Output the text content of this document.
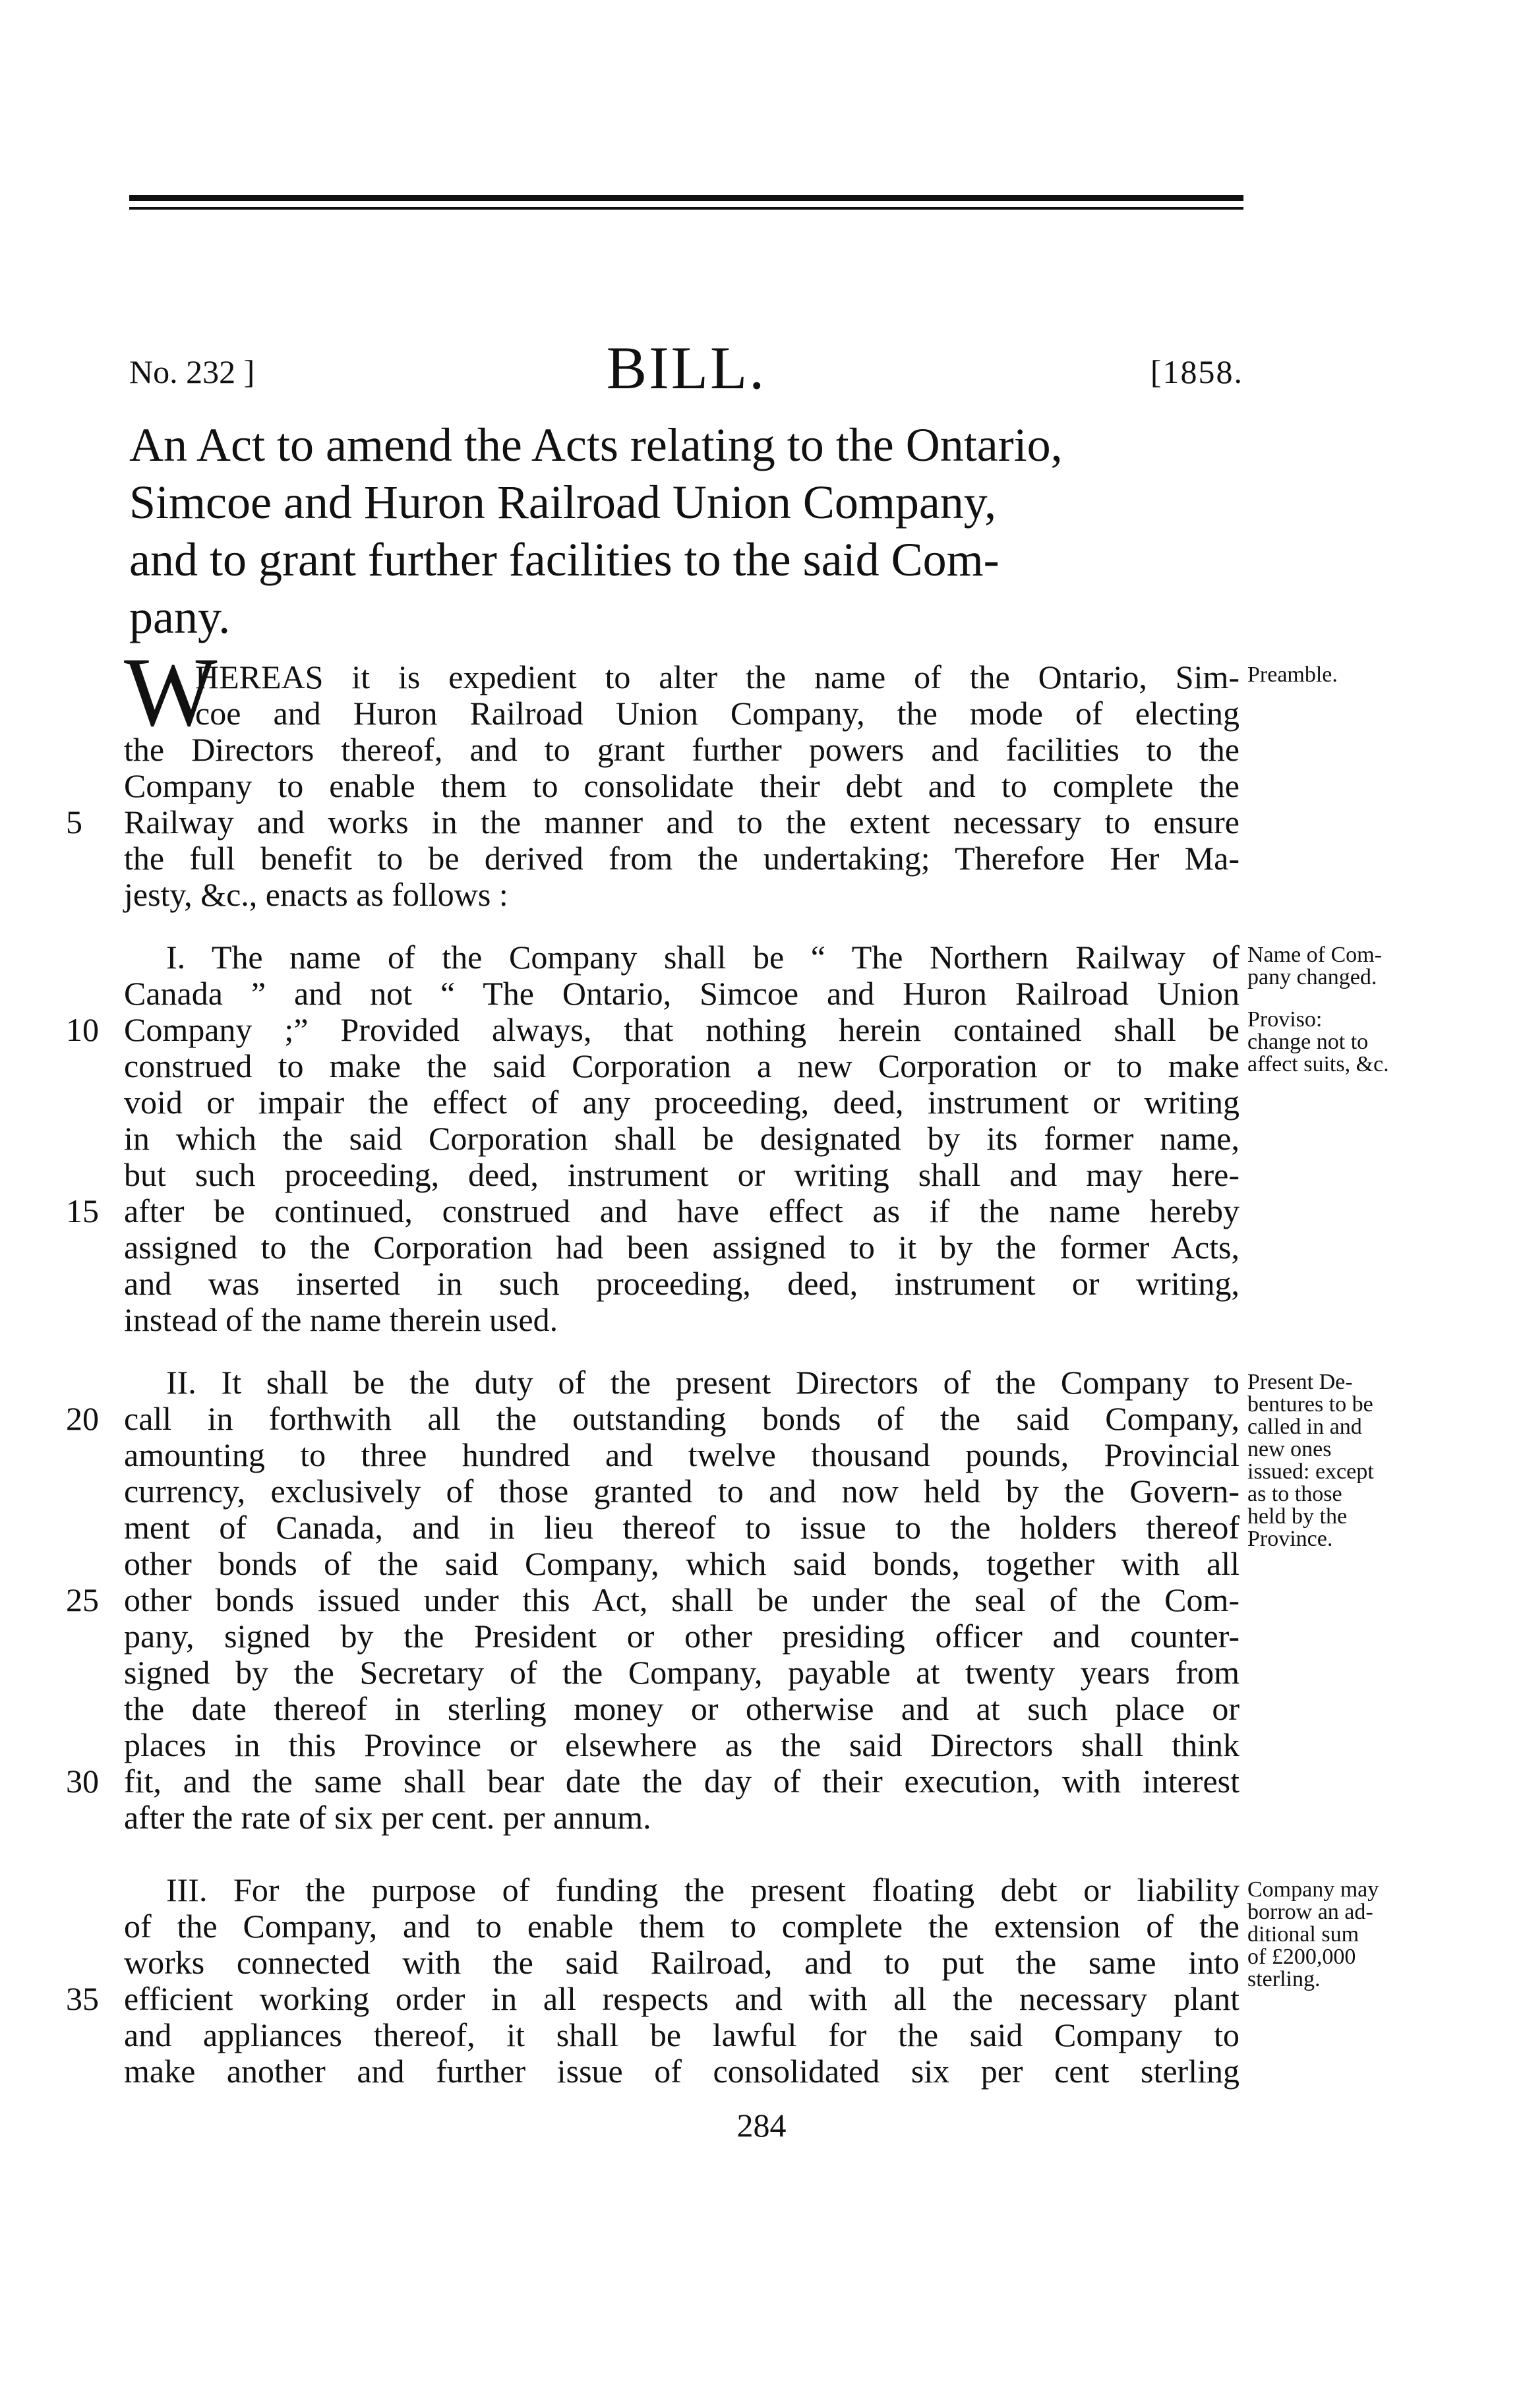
No. 232 ]	BILL.	[1858.
An Act to amend the Acts relating to the Ontario,
Simcoe and Huron Railroad Union Company,
and to grant further facilities to the said Com-
pany.
W
HEREAS it is expedient to alter the name of the Ontario, Sim-
coe and Huron Railroad Union Company, the mode of electing
the Directors thereof, and to grant further powers and facilities to the
Company to enable them to consolidate their debt and to complete the
Railway and works in the manner and to the extent necessary to ensure
the full benefit to be derived from the undertaking; Therefore Her Ma-
jesty, &c., enacts as follows :
Preamble.
I. The name of the Company shall be “ The Northern Railway of
Canada ” and not “ The Ontario, Simcoe and Huron Railroad Union
Company ;” Provided always, that nothing herein contained shall be
construed to make the said Corporation a new Corporation or to make
void or impair the effect of any proceeding, deed, instrument or writing
in which the said Corporation shall be designated by its former name,
but such proceeding, deed, instrument or writing shall and may here-
after be continued, construed and have effect as if the name hereby
assigned to the Corporation had been assigned to it by the former Acts,
and was inserted in such proceeding, deed, instrument or writing,
instead of the name therein used.
Name of Com-
pany changed.
Proviso:
change not to
affect suits, &c.
II. It shall be the duty of the present Directors of the Company to
call in forthwith all the outstanding bonds of the said Company,
amounting to three hundred and twelve thousand pounds, Provincial
currency, exclusively of those granted to and now held by the Govern-
ment of Canada, and in lieu thereof to issue to the holders thereof
other bonds of the said Company, which said bonds, together with all
other bonds issued under this Act, shall be under the seal of the Com-
pany, signed by the President or other presiding officer and counter-
signed by the Secretary of the Company, payable at twenty years from
the date thereof in sterling money or otherwise and at such place or
places in this Province or elsewhere as the said Directors shall think
fit, and the same shall bear date the day of their execution, with interest
after the rate of six per cent. per annum.
Present De-
bentures to be
called in and
new ones
issued: except
as to those
held by the
Province.
III. For the purpose of funding the present floating debt or liability
of the Company, and to enable them to complete the extension of the
works connected with the said Railroad, and to put the same into
efficient working order in all respects and with all the necessary plant
and appliances thereof, it shall be lawful for the said Company to
make another and further issue of consolidated six per cent sterling
Company may
borrow an ad-
ditional sum
of £200,000
sterling.
5
10
15
20
25
30
35
284
